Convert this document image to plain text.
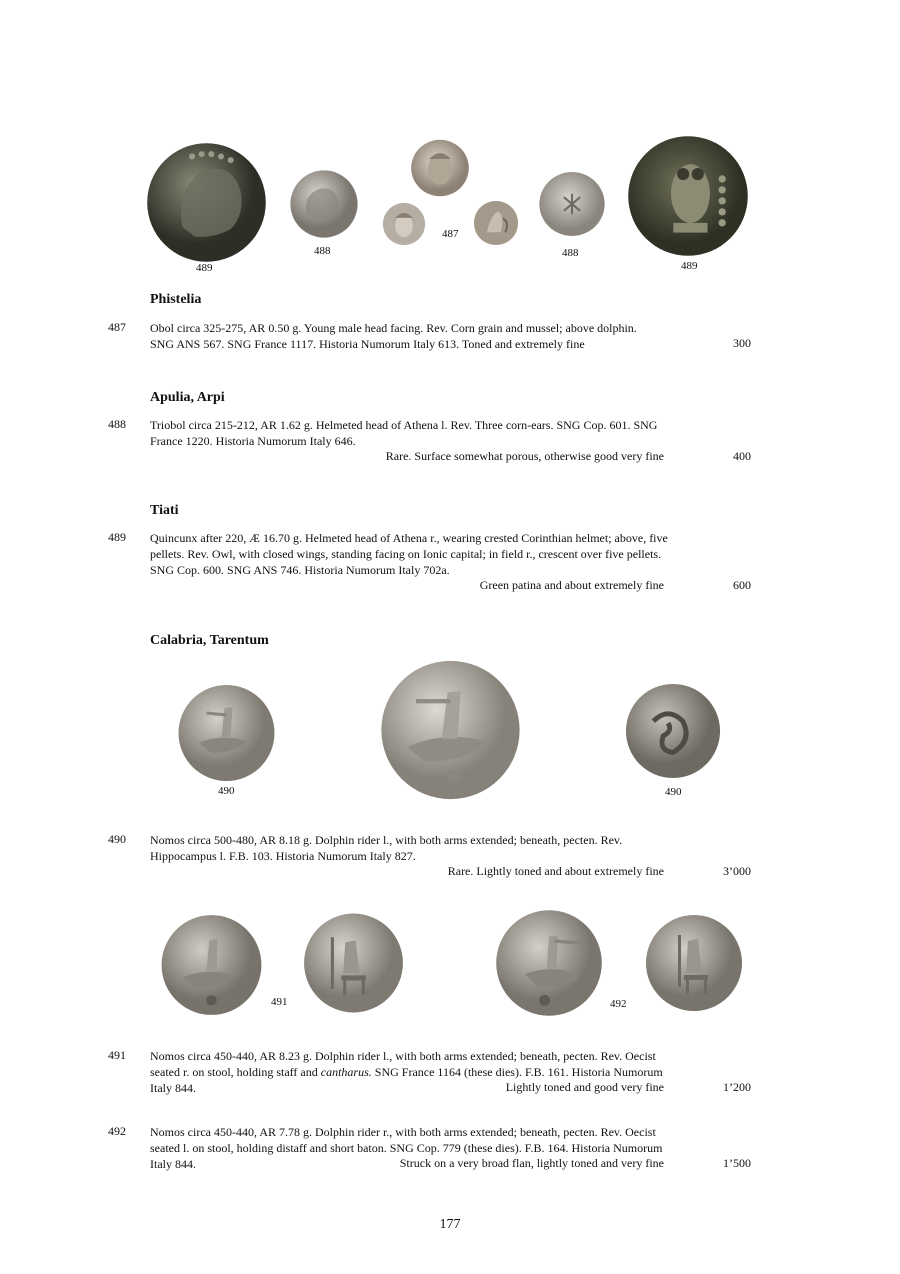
489
488
487
488
489
Phistelia
487 Obol circa 325-275, AR 0.50 g. Young male head facing. Rev. Corn grain and mussel; above dolphin.
SNG ANS 567. SNG France 1117. Historia Numorum Italy 613. Toned and extremely fine	300
Apulia, Arpi
488 Triobol circa 215-212, AR 1.62 g. Helmeted head of Athena l. Rev. Three corn-ears. SNG Cop. 601. SNG
France 1220. Historia Numorum Italy 646.
Rare. Surface somewhat porous, otherwise good very fine	400
Tiati
489 Quincunx after 220, Æ 16.70 g. Helmeted head of Athena r., wearing crested Corinthian helmet; above, five
pellets. Rev. Owl, with closed wings, standing facing on Ionic capital; in field r., crescent over five pellets.
SNG Cop. 600. SNG ANS 746. Historia Numorum Italy 702a.
Green patina and about extremely fine	600
Calabria, Tarentum
490	490
490 Nomos circa 500-480, AR 8.18 g. Dolphin rider l., with both arms extended; beneath, pecten. Rev.
Hippocampus l. F.B. 103. Historia Numorum Italy 827.
Rare. Lightly toned and about extremely fine	3’000
491	492
491 Nomos circa 450-440, AR 8.23 g. Dolphin rider l., with both arms extended; beneath, pecten. Rev. Oecist
seated r. on stool, holding staff and cantharus. SNG France 1164 (these dies). F.B. 161. Historia Numorum
Italy 844.	Lightly toned and good very fine	1’200
492 Nomos circa 450-440, AR 7.78 g. Dolphin rider r., with both arms extended; beneath, pecten. Rev. Oecist
seated l. on stool, holding distaff and short baton. SNG Cop. 779 (these dies). F.B. 164. Historia Numorum
Italy 844.	Struck on a very broad flan, lightly toned and very fine	1’500
177
